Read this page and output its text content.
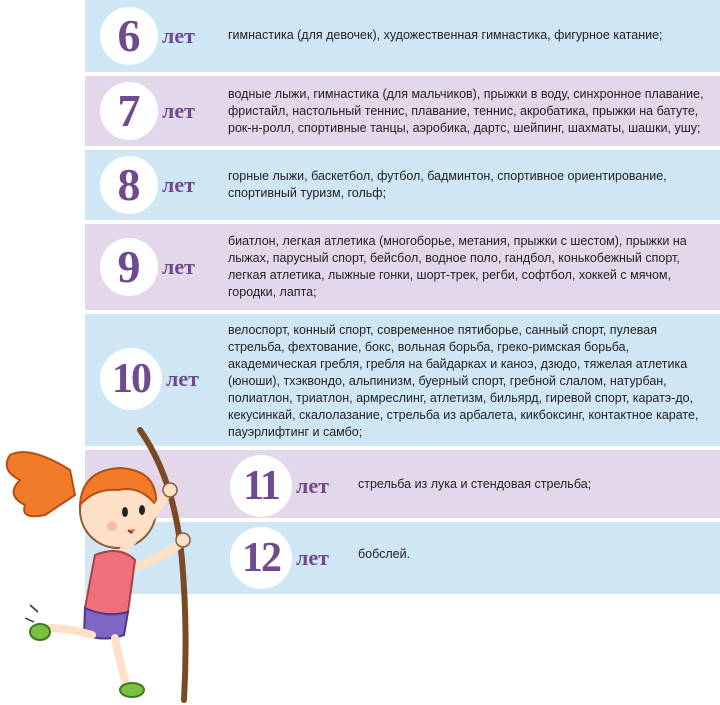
6 лет	гимнастика (для девочек), художественная гимнастика, фигурное катание;
7 лет
водные лыжи, гимнастика (для мальчиков), прыжки в воду, синхронное плавание, фристайл, настольный теннис, плавание, теннис, акробатика, прыжки на батуте, рок-н-ролл, спортивные танцы, аэробика, дартс, шейпинг, шахматы, шашки, ушу;
8 лет	горные лыжи, баскетбол, футбол, бадминтон, спортивное ориентирование, спортивный туризм, гольф;
9 лет
биатлон, легкая атлетика (многоборье, метания, прыжки с шестом), прыжки на лыжах, парусный спорт, бейсбол, водное поло, гандбол, конькобежный спорт, легкая атлетика, лыжные гонки, шорт-трек, регби, софтбол, хоккей с мячом, городки, лапта;
10 лет
велоспорт, конный спорт, современное пятиборье, санный спорт, пулевая стрельба, фехтование, бокс, вольная борьба, греко-римская борьба, академическая гребля, гребля на байдарках и каноэ, дзюдо, тяжелая атлетика (юноши), тхэквондо, альпинизм, буерный спорт, гребной слалом, натурбан, полиатлон, триатлон, армреслинг, атлетизм, бильярд, гиревой спорт, каратэ-до, кекусинкай, скалолазание, стрельба из арбалета, кикбоксинг, контактное карате, пауэрлифтинг и самбо;
11 лет стрельба из лука и стендовая стрельба;
12 лет бобслей.
